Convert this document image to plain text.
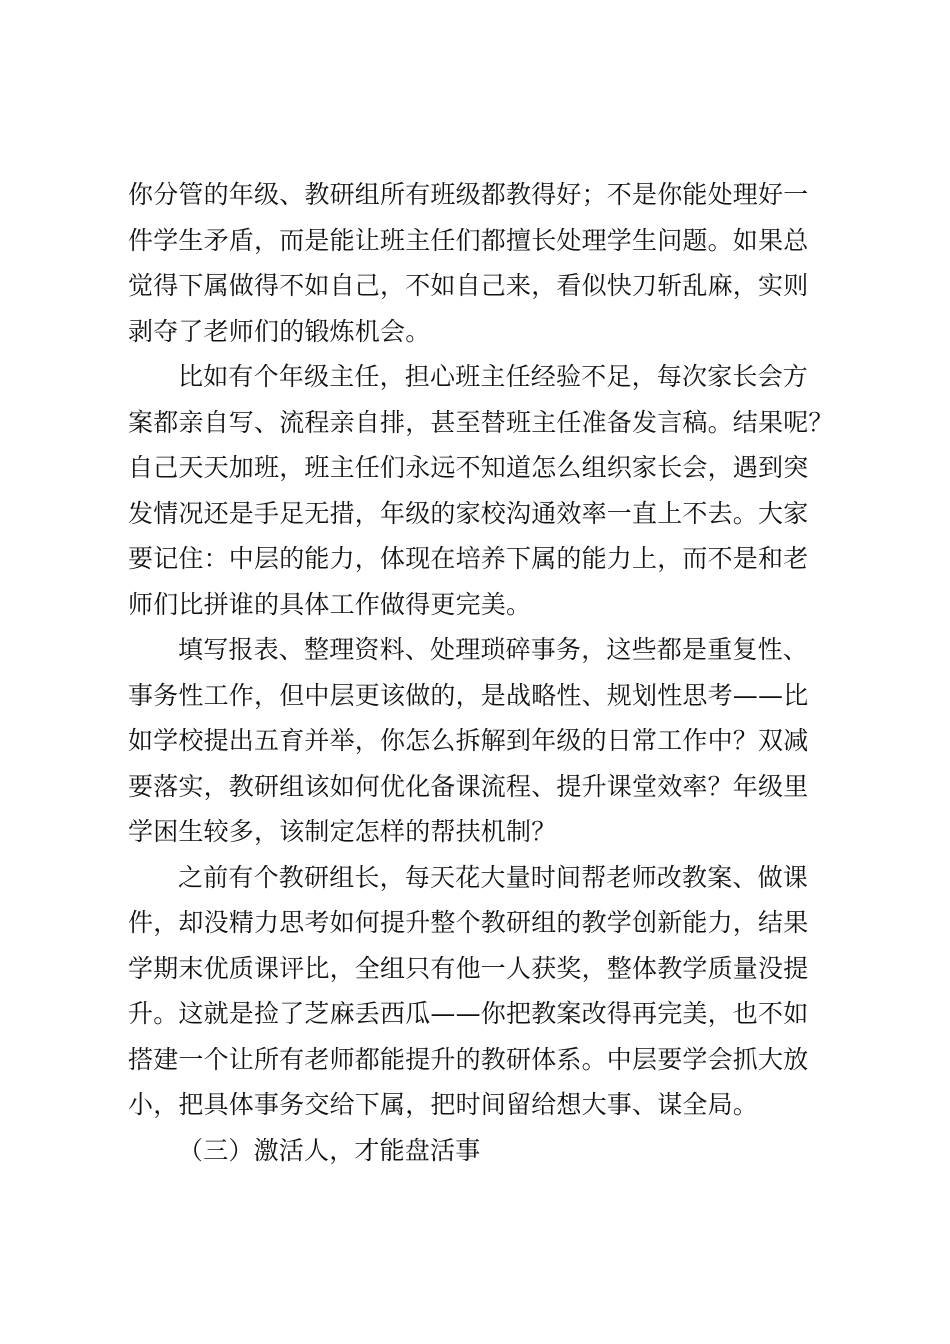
你分管的年级、教研组所有班级都教得好；不是你能处理好一
件学生矛盾，而是能让班主任们都擅长处理学生问题。如果总
觉得下属做得不如自己，不如自己来，看似快刀斩乱麻，实则
剥夺了老师们的锻炼机会。
比如有个年级主任，担心班主任经验不足，每次家长会方
案都亲自写、流程亲自排，甚至替班主任准备发言稿。结果呢？
自己天天加班，班主任们永远不知道怎么组织家长会，遇到突
发情况还是手足无措，年级的家校沟通效率一直上不去。大家
要记住：中层的能力，体现在培养下属的能力上，而不是和老
师们比拼谁的具体工作做得更完美。
填写报表、整理资料、处理琐碎事务，这些都是重复性、
事务性工作，但中层更该做的，是战略性、规划性思考——比
如学校提出五育并举，你怎么拆解到年级的日常工作中？双减
要落实，教研组该如何优化备课流程、提升课堂效率？年级里
学困生较多，该制定怎样的帮扶机制？
之前有个教研组长，每天花大量时间帮老师改教案、做课
件，却没精力思考如何提升整个教研组的教学创新能力，结果
学期末优质课评比，全组只有他一人获奖，整体教学质量没提
升。这就是捡了芝麻丢西瓜——你把教案改得再完美，也不如
搭建一个让所有老师都能提升的教研体系。中层要学会抓大放
小，把具体事务交给下属，把时间留给想大事、谋全局。
（三）激活人，才能盘活事
